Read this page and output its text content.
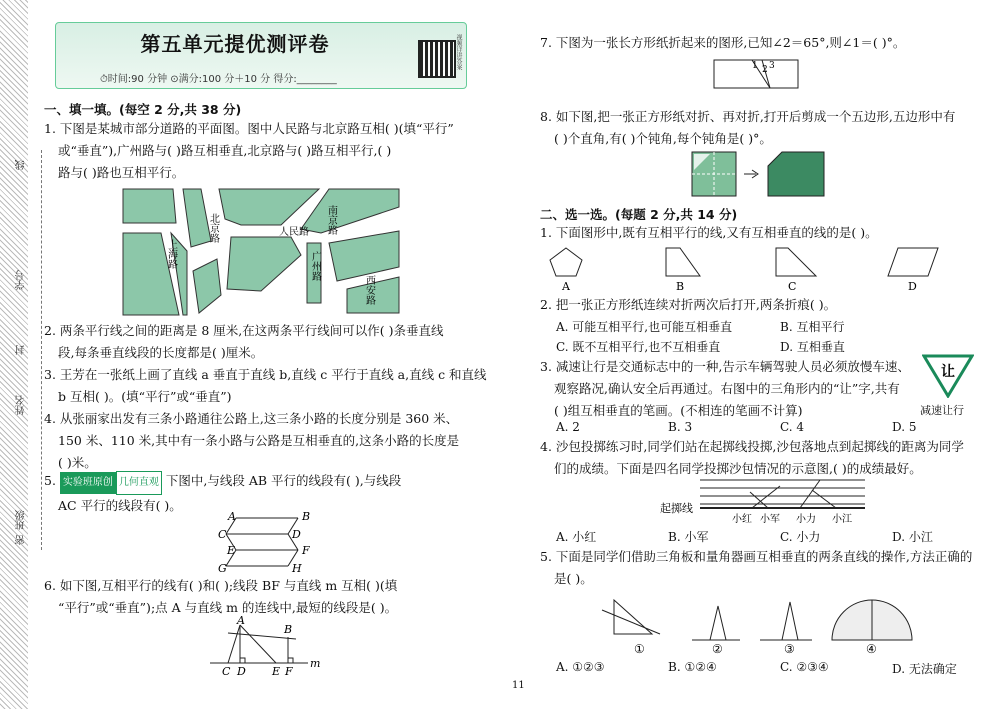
线
学号
封
姓名
班级
密
第五单元提优测评卷
⏱时间:90 分钟 ⊙满分:100 分＋10 分 得分:________
视频详讲答案
一、填一填。(每空 2 分,共 38 分)
1. 下图是某城市部分道路的平面图。图中人民路与北京路互相( )(填“平行”
或“垂直”),广州路与( )路互相垂直,北京路与( )路互相平行,( )
路与( )路也互相平行。
北京路	人民路 南京路
上海路	广州路
西安路
2. 两条平行线之间的距离是 8 厘米,在这两条平行线间可以作( )条垂直线
段,每条垂直线段的长度都是( )厘米。
3. 王芳在一张纸上画了直线 a 垂直于直线 b,直线 c 平行于直线 a,直线 c 和直线
b 互相( )。(填“平行”或“垂直”)
4. 从张丽家出发有三条小路通往公路上,这三条小路的长度分别是 360 米、
150 米、110 米,其中有一条小路与公路是互相垂直的,这条小路的长度是
( )米。
5. 实验班原创 几何直观 下图中,与线段 AB 平行的线段有( ),与线段
AC 平行的线段有( )。
A	B
C	D
E	F
G	H
6. 如下图,互相平行的线有( )和( );线段 BF 与直线 m 互相( )(填
“平行”或“垂直”);点 A 与直线 m 的连线中,最短的线段是( )。
A
B
C D E F
m
7. 下图为一张长方形纸折起来的图形,已知∠2＝65°,则∠1＝( )°。
1 2 3
8. 如下图,把一张正方形纸对折、再对折,打开后剪成一个五边形,五边形中有
( )个直角,有( )个钝角,每个钝角是( )°。
二、选一选。(每题 2 分,共 14 分)
1. 下面图形中,既有互相平行的线,又有互相垂直的线的是( )。
A	B	C	D
2. 把一张正方形纸连续对折两次后打开,两条折痕( )。
A. 可能互相平行,也可能互相垂直	B. 互相平行
C. 既不互相平行,也不互相垂直	D. 互相垂直
3. 减速让行是交通标志中的一种,告示车辆驾驶人员必须放慢车速、
观察路况,确认安全后再通过。右图中的三角形内的“让”字,共有
( )组互相垂直的笔画。(不相连的笔画不计算)
让
减速让行
A. 2	B. 3	C. 4	D. 5
4. 沙包投掷练习时,同学们站在起掷线投掷,沙包落地点到起掷线的距离为同学
们的成绩。下面是四名同学投掷沙包情况的示意图,( )的成绩最好。
起掷线
小红 小军 小力 小江
A. 小红	B. 小军	C. 小力	D. 小江
5. 下面是同学们借助三角板和量角器画互相垂直的两条直线的操作,方法正确的
是( )。
①	②	③	④
A. ①②③	B. ①②④	C. ②③④	D. 无法确定
11
